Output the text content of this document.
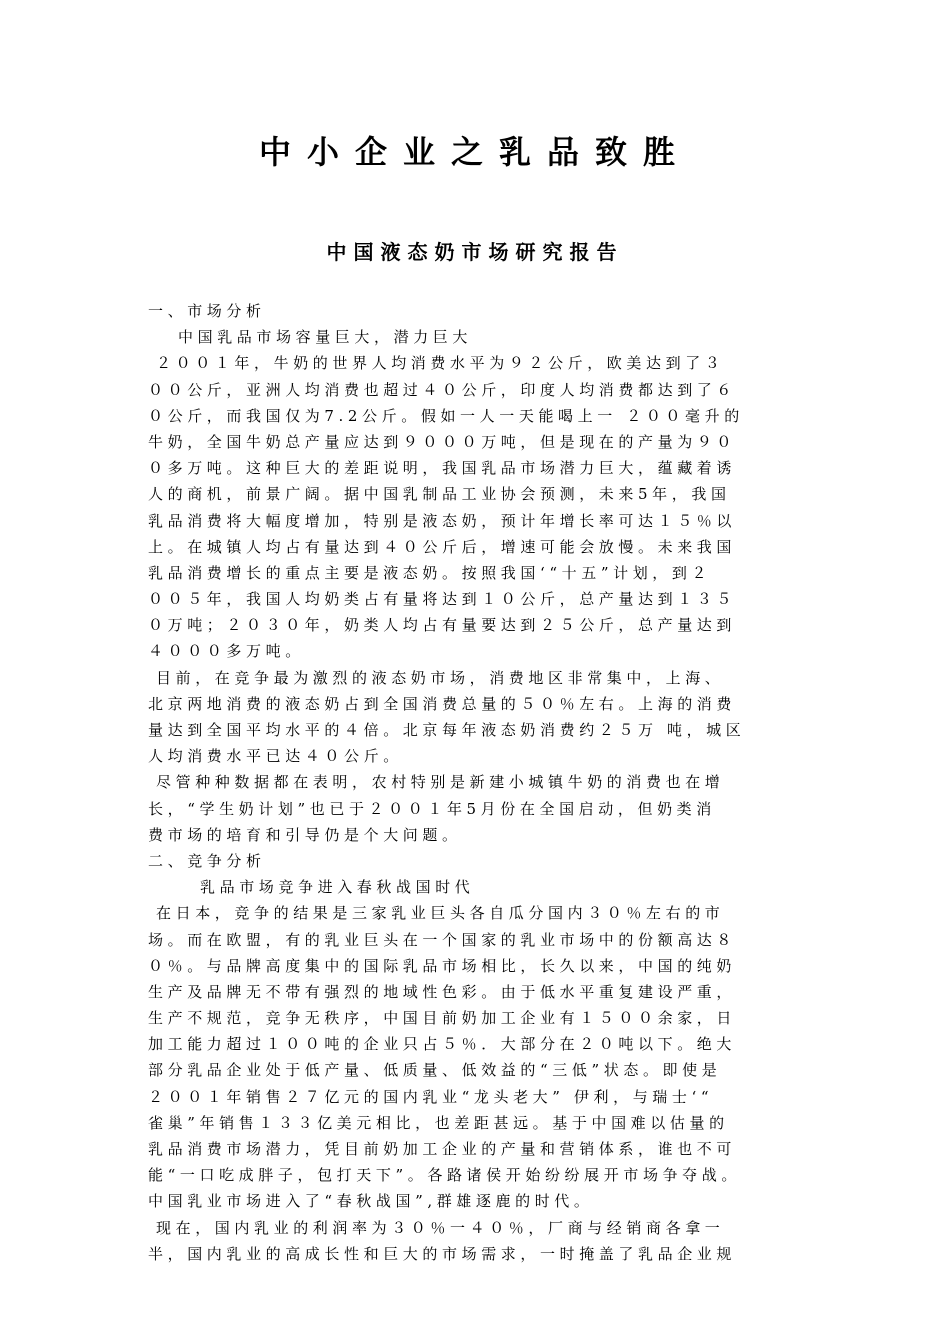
中小企业之乳品致胜
中国液态奶市场研究报告
一、市场分析
中国乳品市场容量巨大，潜力巨大
２００１年，牛奶的世界人均消费水平为９２公斤，欧美达到了３
００公斤，亚洲人均消费也超过４０公斤，印度人均消费都达到了６
０公斤，而我国仅为7.2公斤。假如一人一天能喝上一 ２００毫升的
牛奶，全国牛奶总产量应达到９０００万吨，但是现在的产量为９０
０多万吨。这种巨大的差距说明，我国乳品市场潜力巨大，蕴藏着诱
人的商机，前景广阔。据中国乳制品工业协会预测，未来5年，我国
乳品消费将大幅度增加，特别是液态奶，预计年增长率可达１５％以
上。在城镇人均占有量达到４０公斤后，增速可能会放慢。未来我国
乳品消费增长的重点主要是液态奶。按照我国‘“十五”计划，到２
００５年，我国人均奶类占有量将达到１０公斤，总产量达到１３５
０万吨；２０３０年，奶类人均占有量要达到２５公斤，总产量达到
４０００多万吨。
目前，在竞争最为激烈的液态奶市场，消费地区非常集中，上海、
北京两地消费的液态奶占到全国消费总量的５０％左右。上海的消费
量达到全国平均水平的４倍。北京每年液态奶消费约２５万 吨，城区
人均消费水平已达４０公斤。
尽管种种数据都在表明，农村特别是新建小城镇牛奶的消费也在增
长，“学生奶计划”也已于２００１年5月份在全国启动，但奶类消
费市场的培育和引导仍是个大问题。
二、竞争分析
乳品市场竞争进入春秋战国时代
在日本，竞争的结果是三家乳业巨头各自瓜分国内３０％左右的市
场。而在欧盟，有的乳业巨头在一个国家的乳业市场中的份额高达８
０％。与品牌高度集中的国际乳品市场相比，长久以来，中国的纯奶
生产及品牌无不带有强烈的地域性色彩。由于低水平重复建设严重，
生产不规范，竞争无秩序，中国目前奶加工企业有１５００余家，日
加工能力超过１００吨的企业只占５％．大部分在２０吨以下。绝大
部分乳品企业处于低产量、低质量、低效益的“三低”状态。即使是
２００１年销售２７亿元的国内乳业“龙头老大” 伊利，与瑞士‘“
雀巢”年销售１３３亿美元相比，也差距甚远。基于中国难以估量的
乳品消费市场潜力，凭目前奶加工企业的产量和营销体系，谁也不可
能“一口吃成胖子，包打天下”。各路诸侯开始纷纷展开市场争夺战。
中国乳业市场进入了“春秋战国”,群雄逐鹿的时代。
现在，国内乳业的利润率为３０％一４０％，厂商与经销商各拿一
半，国内乳业的高成长性和巨大的市场需求，一时掩盖了乳品企业规
